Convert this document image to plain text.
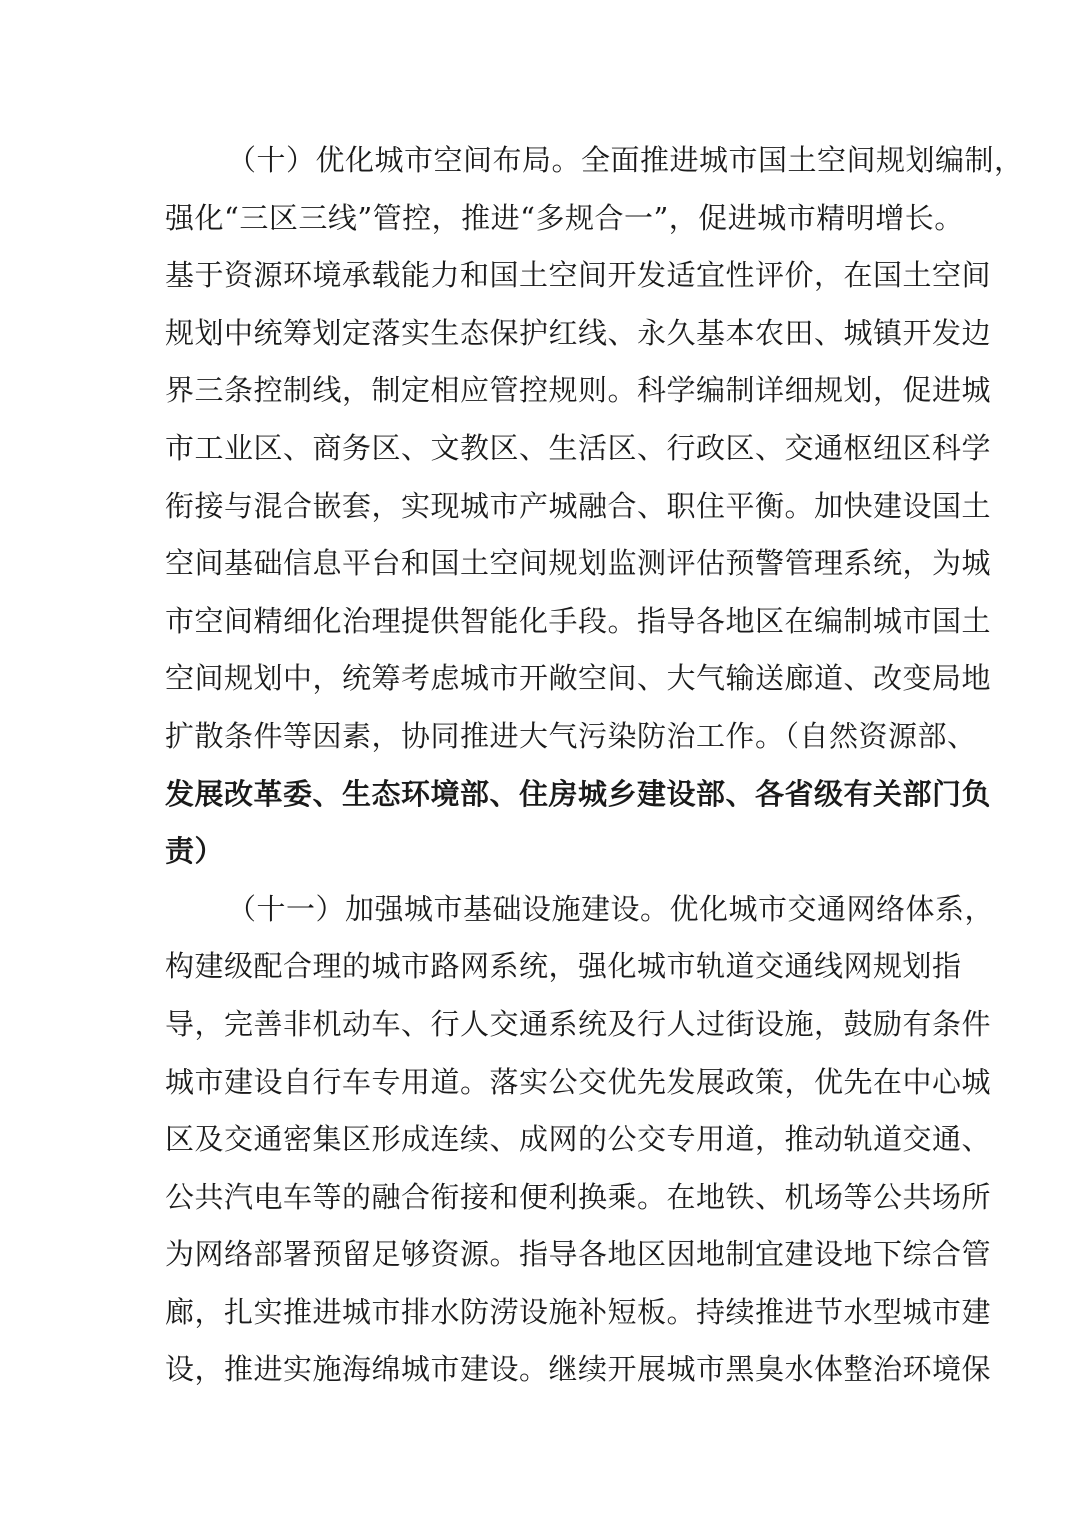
（十）优化城市空间布局。全面推进城市国土空间规划编制，
强化“三区三线”管控，推进“多规合一”，促进城市精明增长。
基于资源环境承载能力和国土空间开发适宜性评价，在国土空间
规划中统筹划定落实生态保护红线、永久基本农田、城镇开发边
界三条控制线，制定相应管控规则。科学编制详细规划，促进城
市工业区、商务区、文教区、生活区、行政区、交通枢纽区科学
衔接与混合嵌套，实现城市产城融合、职住平衡。加快建设国土
空间基础信息平台和国土空间规划监测评估预警管理系统，为城
市空间精细化治理提供智能化手段。指导各地区在编制城市国土
空间规划中，统筹考虑城市开敞空间、大气输送廊道、改变局地
扩散条件等因素，协同推进大气污染防治工作。（自然资源部、
发展改革委、生态环境部、住房城乡建设部、各省级有关部门负
责）
（十一）加强城市基础设施建设。优化城市交通网络体系，
构建级配合理的城市路网系统，强化城市轨道交通线网规划指
导，完善非机动车、行人交通系统及行人过街设施，鼓励有条件
城市建设自行车专用道。落实公交优先发展政策，优先在中心城
区及交通密集区形成连续、成网的公交专用道，推动轨道交通、
公共汽电车等的融合衔接和便利换乘。在地铁、机场等公共场所
为网络部署预留足够资源。指导各地区因地制宜建设地下综合管
廊，扎实推进城市排水防涝设施补短板。持续推进节水型城市建
设，推进实施海绵城市建设。继续开展城市黑臭水体整治环境保
